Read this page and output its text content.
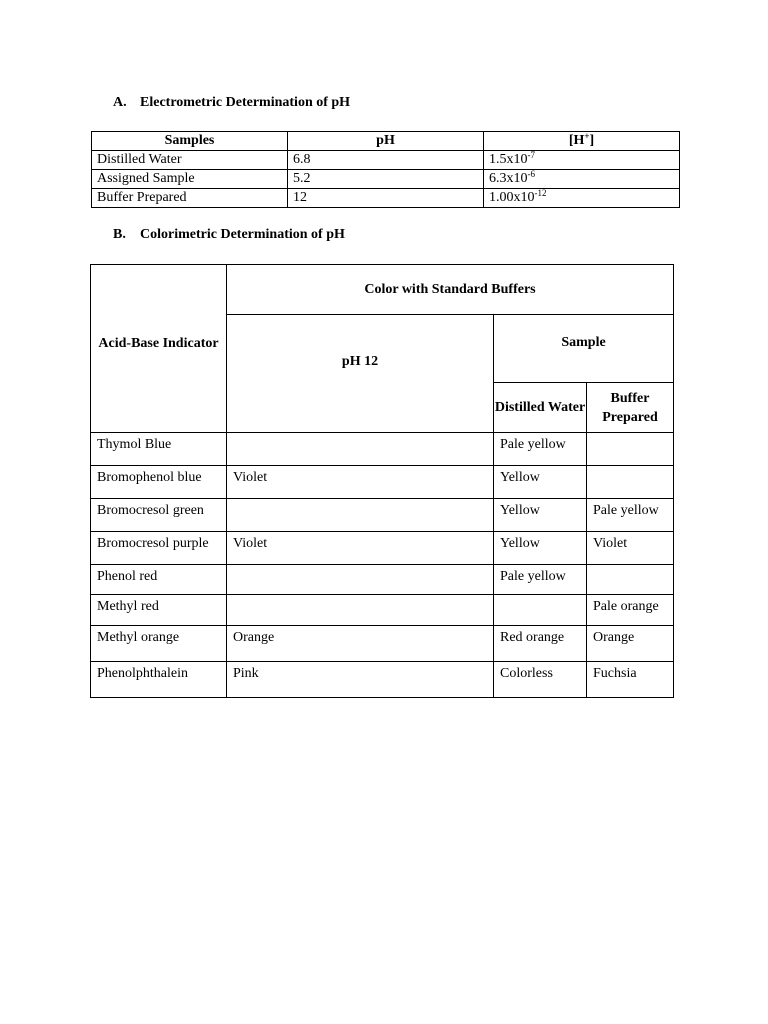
A. Electrometric Determination of pH
Samples	pH	[H+]
Distilled Water	6.8	$1.5x10^{-7}$
Assigned Sample	5.2	$6.3x10^{-6}$
Buffer Prepared	12	$1.00x10^{-12}$
B. Colorimetric Determination of pH
Acid-Base Indicator	Color with Standard Buffers		
	pH 12	Sample	
		Distilled Water	Buffer Prepared
Thymol Blue		Pale yellow	
Bromophenol blue	Violet	Yellow	
Bromocresol green		Yellow	Pale yellow
Bromocresol purple	Violet	Yellow	Violet
Phenol red		Pale yellow	
Methyl red			Pale orange
Methyl orange	Orange	Red orange	Orange
Phenolphthalein	Pink	Colorless	Fuchsia
